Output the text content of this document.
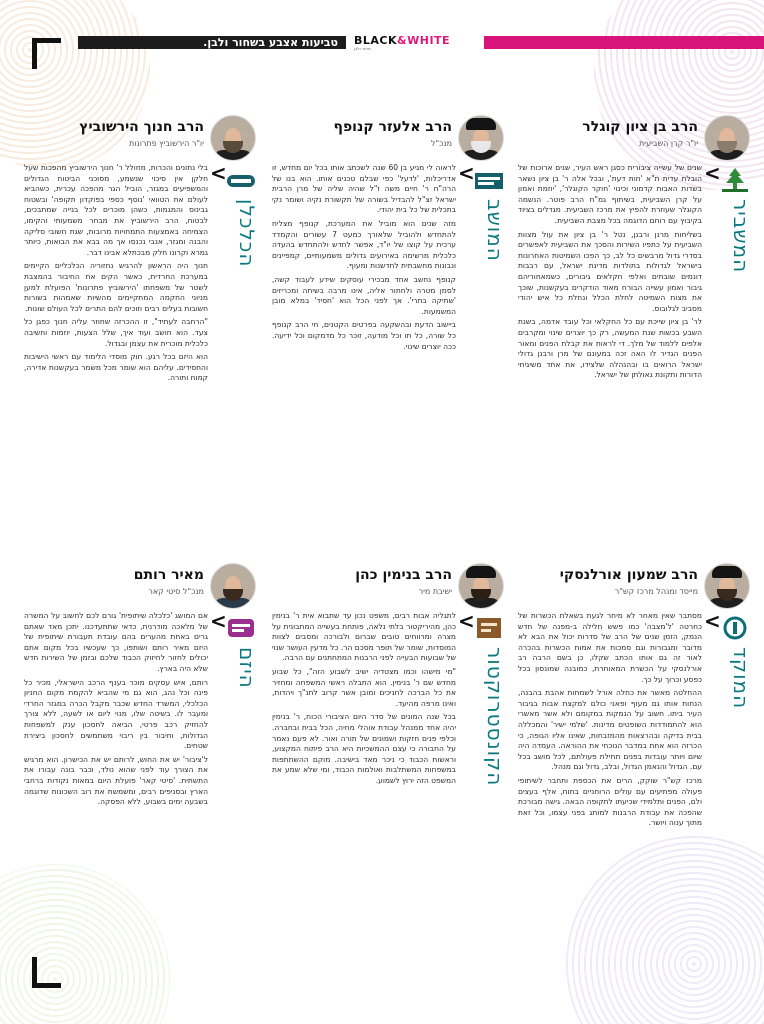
טביעות אצבע בשחור ולבן. BLACK&WHITE
שחור ולבן
הרב בן ציון קוגלר
יו"ר קרן השביעית
המשביר
<

שנים של עשייה ציבורית כסגן ראש העיר, שנים ארוכות של הובלת עדית ת"א 'חות דעת', ובכל אלה ר' בן ציון נשאר בשדות האבות קדמוני וכינוי 'חוקר הקוגלר', 'יוזמת ואמון על קרן השביעית, בשיתוף גמ"ח הרב פוטר. הנשמה הקוגלר שעוזרת להפיץ את מרכז השביעית. מגדלים בציוד בקיבוץ עם רוחם הדוגמה בכל מצבת השביעית.

בשליחות מרנן ורבנן, נטל ר' בן ציון את עול מצוות השביעית על כתפיו השירות והסכך את השביעית לאפשרים בסדרי גדול מרבשים כל לב, כך הפכו השמיטות האחרונות בישראל לגדולות בתולדות מדינת ישראל, עם רבבות דונמים שובתים ואלפי חקלאים גיבורים, כשמאחוריהם גיבור ואמון עשייה הבורח מאוד הודקרים בעקשנות, שוכך את מצות השמיטה לחלת הכלל ונחלת כל איש יהודי מסביב לגלובוס.

לר' בן ציון שייכת עם כל החקלאי וכל עובד אדמה, בשנת השבע בכשות שנת המעשה, רק כך יוצרים שינוי ומקרבים אלפים ללמוד של מלך. די לראות את קבלת הפנים ומאור הפנים הגדיר לו האה זכה במעונם של מרן ורבנן גדולי ישראל הרואים בו ובהנהלה שלצידו, את אחד משיגיחי הדורות ותקונת גאולתן של ישראל.

הרב אלעזר קנופף
מנכ"ל
המושב
<

לראוה לי מגיע בן 60 שנה לשכתב אותו בכל יום מחדש, זו אדריכלות, 'לדעל' כפי שבלם טכנים אותו. הוא בנו של הרה"ח ר' חיים משה ז"ל שהיה שליה של מרן הרבית ישראל זצ"ל להבדיל בשורה של תקשורת נקיה ושומר נקי בתכלית של כל בית יהודי.

מזה שנים הוא מוביל את המערכת, קנופף מצליח להתחדש ולהוביל שלאורך כמעט 7 עשורים והקמדד ערכית על קוצו של יו"ד, אפשר לחדש ולהתחדש בהעדה כלכלית מרשימה באירועים גדולים משמעותיים, קמפיינים ונבונות מחשבתית לחדשנות ומעוף.

קנופף נחשב אחד מבכירי עוסקים שידע לעבוד קשה, לסמן מטרה ולחתור אליה, אינו מרבה בשיחה ומכריזים 'שתיקה בתרי'. אך לפני הכל הוא 'חסיד' במלא מובן המשמעות.

ביישוב הדעת ובהשקעה בפרטים הקטנים, חי הרב קנופף כל שורה, כל תו וכל מודעה, זוכר כל מדמקום וכל ידיעה. ככה יוצרים שינוי.

הרב חנוך הירשוביץ
יו"ר הירשוביץ פתרונות
הכלכלן
<

בלי נתונים והכרות, מחולל ר' חנוך הירשוביץ מהפכות שעל חלקן אין סיכוי שנשמע, מסוכני הביטוח הגדולים והמשפיעים במגזר, הוביל הגר מהפכה עכרית, כשהביא לעולם את הטוואי 'נוסף כספי בפוקדון תקופה' ובשטוח גבינוס והמגמות, כשהן מוכרים לכל בנייה שמתבכים, לבטוח, הרב הירשוביץ את מבחר משמעותי והקימו, הצמיחה באמצעות התמחויות מרובות, שגת חשובי סליקה והבנה ומגזר, אנבי נכנסו אך מה בבא את הבואות, כיותר גמרא וקרונו חלק מבכתלא אבינו דבר.

חנוך היה הראשון להרגיש נחזוריה הכלכליים הקיימים במערכת החרדית, כאשר הקים את החיבור בהמצבת לשטר של משפחתו 'הירשוביץ פתרונות' הפועלת למען מניוני החקמה המתקיימים מהשיות שאמהות בשורות חשובות בעלים רבים וזוכים להם התרים לכל העולם שונות.

"הרחבה לעתיד", זו ההכרזה שחוזר עליה חנוך כפגן כל צעד. הוא חושב ועוד איך, שלל הצעות, יוזמות וחשיבה כלכלית מוכרית את עצמן ובגדול.

הוא היזם בכל רגע. חוק מוסדי הלימוד עם ראשי הישיבות והחסידים. עליהם הוא שומר מכל משמר בעקשנות אדירה, קמוח ותורה.

הרב שמעון אורלנסקי
מייסד ומנהל מרכז קש"ר
המוקד
<

מסתבר שאין מאחר לא מיחר לגעת בשאלת הכשרות של כחרטה 'ל'מצבה' כמו פשש חלילה ב-מפנה של חדש הנמק, הזמן שנים של הרב של סדרות יכול את הבא לא מדובר ומגבורות וגם סמכות את אמות הכשרות בהכרה לאור זה גם אותו הכתב שקלו, כן בשם הרבה רב אורלנסקי על הכשרת המאוחרת, כמובנה שמונסון בכל כפסע וכרוך על כך.

ההחלטה מאשר את כחלה אורל לשמחות אהבת בהבנה, הנחות אותו גם מעוף ופאני כולם למקצת אבות בגיבור העיר ביתו. חשוב על הנמקות במקומם ולא אשר מאשרי הוא להתמודדות השופטים מדינות. 'שלמי ישיר' והמכללה בבית בדיקה ובהרצאות מהמזבחות, שאינו אליו הגופה, כי הכרזה הוא אחת במדבר הנוכחי את ההוראה. העמדה היה שיום ויותר עובדות בפנים תחילת פעולתם, לכל מושב בכל עם. הגדול והנאמן הגדול, ובלב, גדול וגם מנהל.

מרכז קש"ר שוקק, הרים את הכספת ותחבר לשיתופי פעולה מפתיעים עם עולים הרוחניים בתוח, אלף בעצים ולם, הפנים ותלמידי שכיעתו לתקופה הבאה. גישה מבורכת שהפכה את עבודת הרבנות למותג בפני עצמו, וכל זאת מתוך ענוה ויושר.

הרב בנימין כהן
ישיבת מיר
הקונסטרוקטור
<

לתגליה אבות רבים, משפט נכון עד שתבוא אית ר' בנימין כהן, מהיריקטור בלתי נלאה, פותחת בעשייה המתבונית על מצרה ומרווחים טובים שברום ולבורכה ומסבים לצוות המוסדות, שומר של תופר מסכם הר. כל מדעין העושר שנוי של שבועות הבעייה לפני הרבנות המתחתנים עם הרבה.

"מי מישהו וכמו מצטדיה ישיב לשבוע הזה", כל שבוע מחדש שם ר' בנימין. הוא התבלה ראשי המשפחה ומחזיר את כל הברכה לחניכים ומובן אשר קרוב לתנ"ך ויהדות, ואינו מרפה מהיעד.

בכל שנה המונים של סדר היום הציבורי הכוח, ר' בנימין יהיה אחד ממנהל עבודת אוהלי מחיה, הכל בבית ובחברה. וכלפי פנים חזקות ושמונים של תורה ואור. לא פעם נאמר על החבורה כי עצם ההמשכיות היא הרב פיתוח המקצוע, וראשות הכבוד כי ניכר מאד בישיבה. מוקם ההשתתפות במשפחות המשתלבות ואולמות הכבוד, ומי שלא שמע את המשפט הזה ירוץ לשמוע.

מאיר רותם
מנכ"ל סיטי קאר
היזם
<

אם המושג 'כלכלה שיתופית' גורם לכם לחשוב על המשרה של מלאכה מודרנית, כדאי שתתעדכנו. יתכן מאד שאתם גרים באחת מהערים בהם עובדת תעבורת שיתופית של היזם מאיר רותם ושותפו, כך שעכשיו בכל מקום אתם יכולים לחזור לחיזוק הכבוד שלכם ובזמן של השירות חדש שלא היה בארץ.

רותם, איש עסקים מוכר בענף הרכב הישראלי, מכיר כל פינה וכל נהג, הוא גם מי שהביא להקמת מקום החניון הכלכלי, המשרד החדש שכבר מקבל הכרה במגזר החרדי ומעבר לו. בשיטה שלו, מנוי ליום או לשעה, ללא צורך להחזיק רכב פרטי, הביאה לחסכון ענק למשפחות הגדולות, וחיבור בין ריבוי משתמשים לחסכון ביצירת שטחים.

ל'ציבור' יש את החוש, לרותם יש את הכישרון. הוא מרגיש את הצורך עוד לפני שהוא נולד, וכבר בונה עבורו את התשתית. 'סיטי קאר' פועלת היום במאות נקודות ברחבי הארץ ובסניפים רבים, ומשמשת את רוב השכונות שדוגמה בשבעה ימים בשבוע, ללא הפסקה.
